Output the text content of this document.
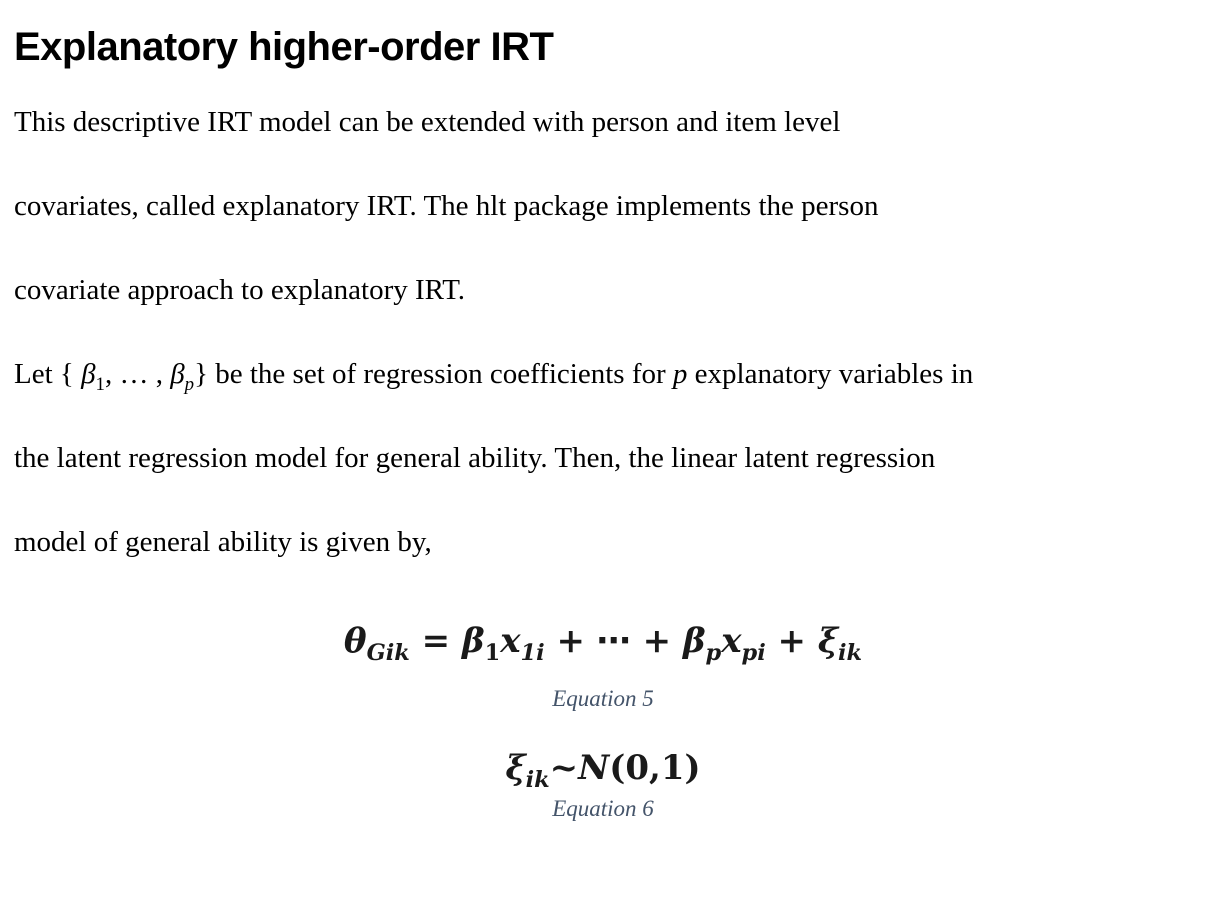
Explanatory higher-order IRT
This descriptive IRT model can be extended with person and item level
covariates, called explanatory IRT. The hlt package implements the person
covariate approach to explanatory IRT.
Let { $\beta_1$, … , $\beta_p$} be the set of regression coefficients for p explanatory variables in
the latent regression model for general ability. Then, the linear latent regression
model of general ability is given by,
$\theta_{Gik} = \beta_1x_{1i}$ + ⋯ + $\beta_px_{pi} + \xi_{ik}$
Equation 5
$\xi_{ik}\sim N(0,1)$
Equation 6
